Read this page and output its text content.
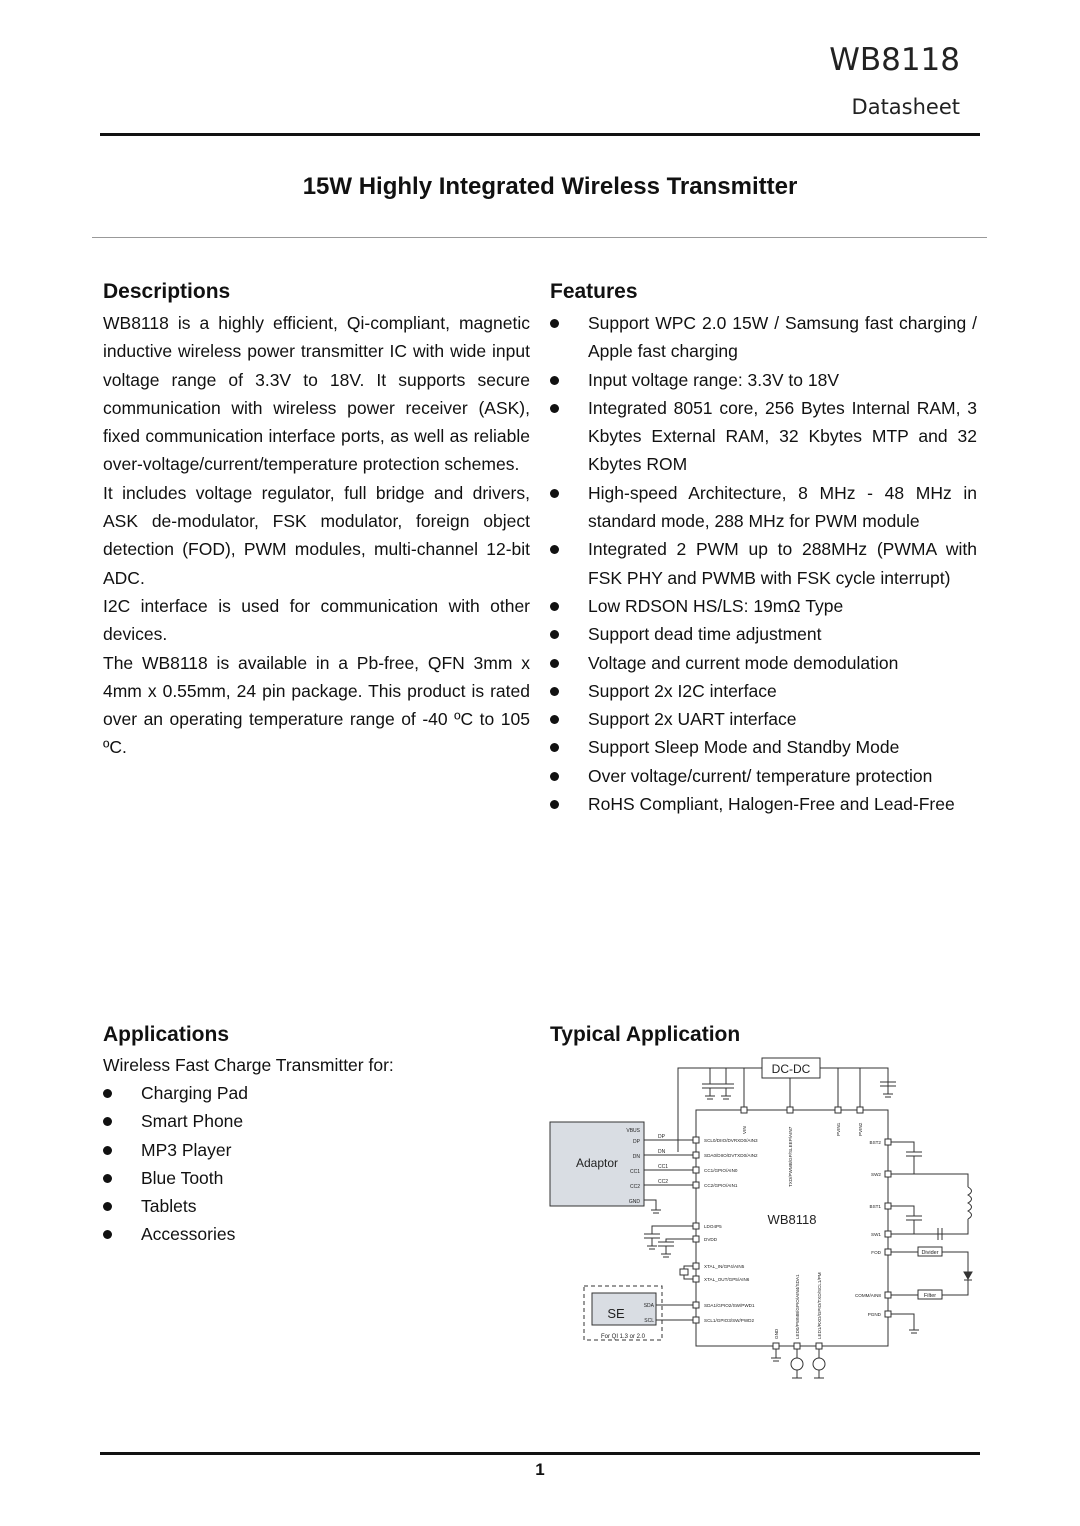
WB8118
Datasheet
15W Highly Integrated Wireless Transmitter
Descriptions

WB8118 is a highly efficient, Qi-compliant, magnetic inductive wireless power transmitter IC with wide input voltage range of 3.3V to 18V. It supports secure communication with wireless power receiver (ASK), fixed communication interface ports, as well as reliable over-voltage/current/temperature protection schemes.

It includes voltage regulator, full bridge and drivers, ASK de-modulator, FSK modulator, foreign object detection (FOD), PWM modules, multi-channel 12-bit ADC.

I2C interface is used for communication with other devices.

The WB8118 is available in a Pb-free, QFN 3mm x 4mm x 0.55mm, 24 pin package. This product is rated over an operating temperature range of -40 ºC to 105 ºC.

Features
Support WPC 2.0 15W / Samsung fast charging / Apple fast charging
Input voltage range: 3.3V to 18V
Integrated 8051 core, 256 Bytes Internal RAM, 3 Kbytes External RAM, 32 Kbytes MTP and 32 Kbytes ROM
High-speed Architecture, 8 MHz - 48 MHz in standard mode, 288 MHz for PWM module
Integrated 2 PWM up to 288MHz (PWMA with FSK PHY and PWMB with FSK cycle interrupt)
Low RDSON HS/LS: 19mΩ Type
Support dead time adjustment
Voltage and current mode demodulation
Support 2x I2C interface
Support 2x UART interface
Support Sleep Mode and Standby Mode
Over voltage/current/ temperature protection
RoHS Compliant, Halogen-Free and Lead-Free
Applications
Wireless Fast Charge Transmitter for:
Charging Pad
Smart Phone
MP3 Player
Blue Tooth
Tablets
Accessories
Typical Application
DC-DC
Adaptor
WB8118
SE
For QI 1.3 or 2.0
Divider
Filter
VBUS
DP
DN
CC1
CC2
GND
DP
DN
CC1
CC2
SCL0/DIIO/DVRXD0/AIN3
SDA0/DIIO/DVTXD0/AIN2
CC1/GPIO/AIN0
CC2/GPIO/AIN1
LDO4P5
DVDD
XTAL_IN/GP4/AIN5
XTAL_OUT/GP5/AIN6
SDA1/GPIO2/SW/PWD1
SCL1/GPIO3/SW/PWD2
VIN	TXD/PWMB/GP/SLEEP/AIN7	PVIN1	PVIN2
BST2
SW2
BST1
SW1
FOD
COMM/AIN8
PGND
GND	LED0/PWMB/GPIO/AIN4/SDA1	LED1/RXD/GPIO/TXD/SCL1/PM
SDA
SCL
1
